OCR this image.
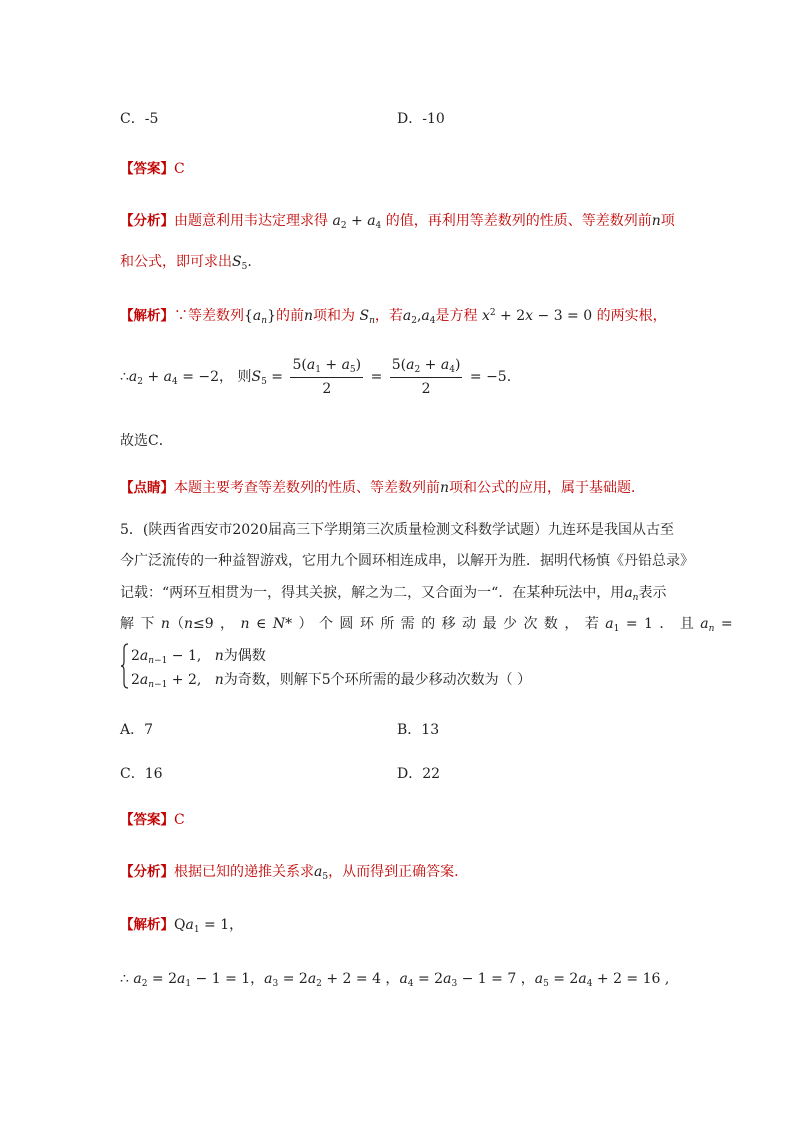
C．-5	D．-10
【答案】C
【分析】由题意利用韦达定理求得 $a_2 + a_4$ 的值，再利用等差数列的性质、等差数列前n项
和公式，即可求出$S_5$.
【解析】∵等差数列$\{a_n\}$的前n项和为 $S_n$，若$a_2,a_4$是方程 $x^2 + 2x - 3 = 0$ 的两实根，
$\therefore a_2 + a_4 = -2$， 则$S_5 = \frac{5(a_1 + a_5)}{2} = \frac{5(a_2 + a_4)}{2} = -5$.
故选C．
【点睛】本题主要考查等差数列的性质、等差数列前n项和公式的应用，属于基础题．
5．(陕西省西安市2020届高三下学期第三次质量检测文科数学试题）九连环是我国从古至
今广泛流传的一种益智游戏，它用九个圆环相连成串，以解开为胜．据明代杨慎《丹铅总录》
记载：“两环互相贯为一，得其关捩，解之为二，又合面为一“．在某种玩法中，用$a_n$表示
解 下 n（n≤9 ， n ∈ N* ） 个 圆 环 所 需 的 移 动 最 少 次 数 ， 若 $a_1 = 1$ ． 且 $a_n$ =
$2a_{n-1} - 1$,   n为偶数
$2a_{n-1} + 2$,   n为奇数，则解下5个环所需的最少移动次数为（ ）
A．7	B．13
C．16	D．22
【答案】C
【分析】根据已知的递推关系求$a_5$，从而得到正确答案.
【解析】$Qa_1 = 1$，
∴ $a_2 = 2a_1 - 1 = 1$，$a_3 = 2a_2 + 2 = 4$ ，$a_4 = 2a_3 - 1 = 7$ ，$a_5 = 2a_4 + 2 = 16$ ,
